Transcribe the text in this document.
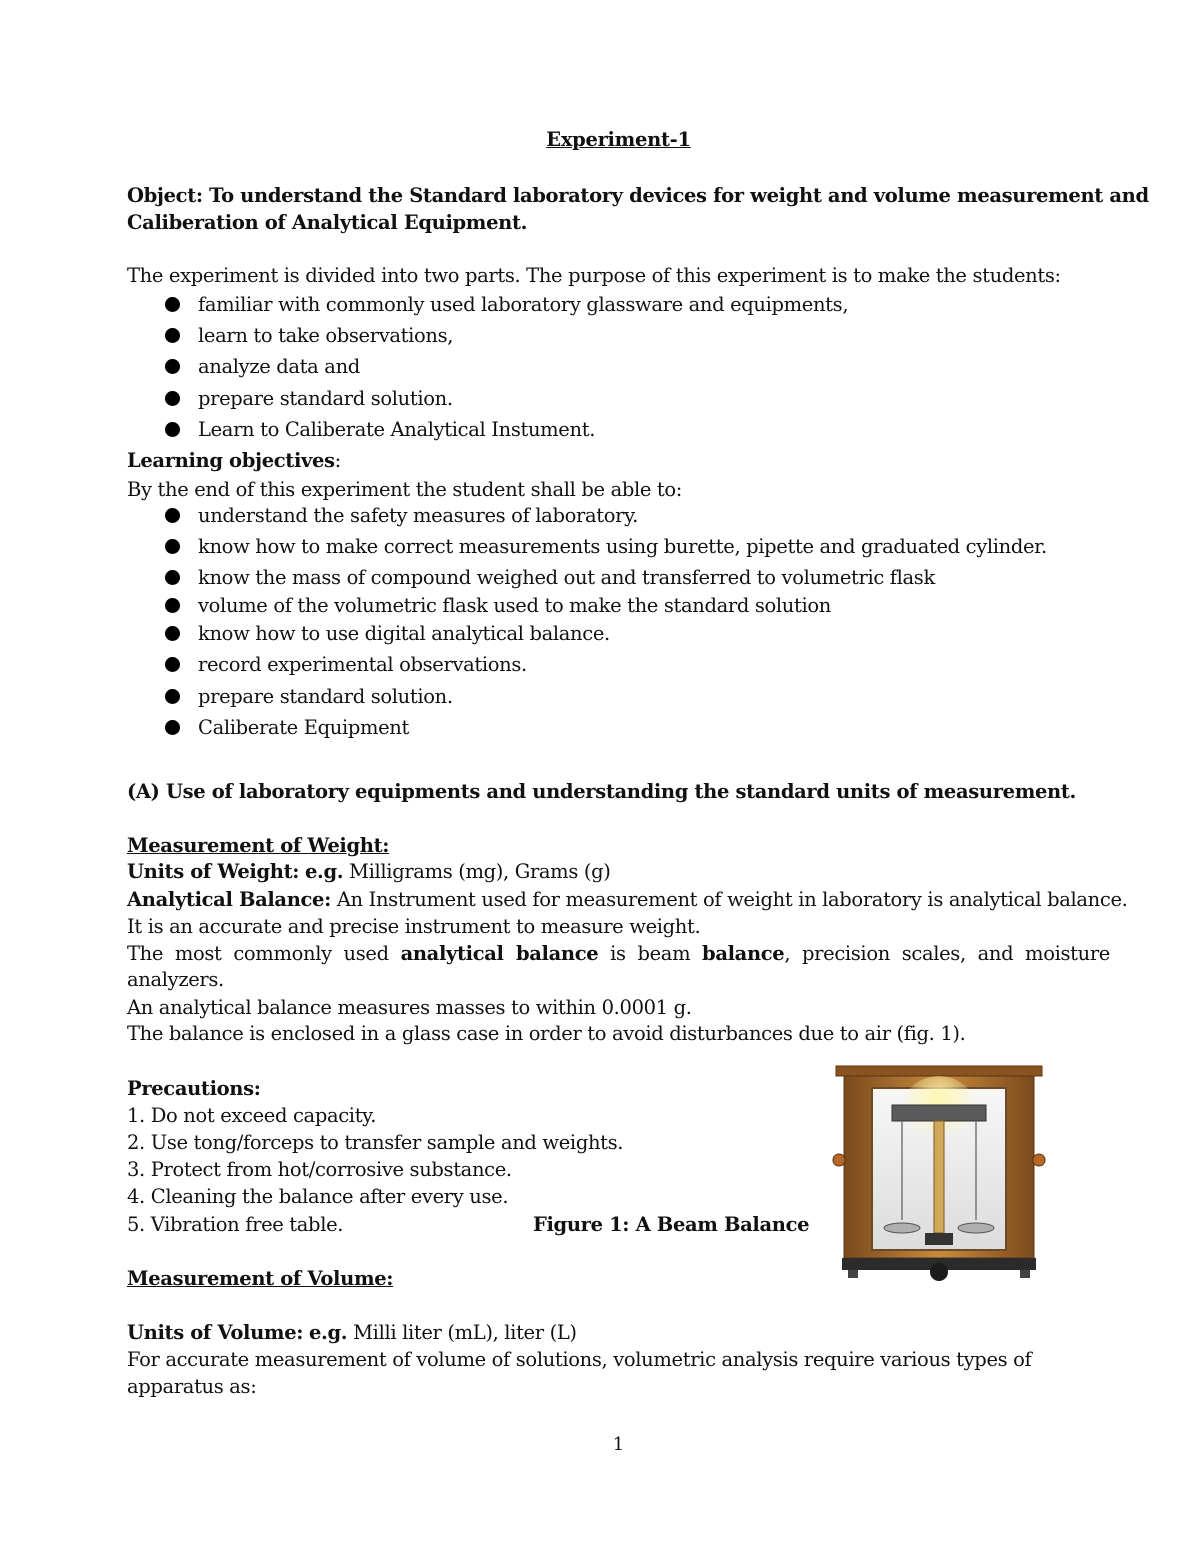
Experiment-1
Object: To understand the Standard laboratory devices for weight and volume measurement and
Caliberation of Analytical Equipment.
The experiment is divided into two parts. The purpose of this experiment is to make the students:
familiar with commonly used laboratory glassware and equipments,
learn to take observations,
analyze data and
prepare standard solution.
Learn to Caliberate Analytical Instument.
Learning objectives:
By the end of this experiment the student shall be able to:
understand the safety measures of laboratory.
know how to make correct measurements using burette, pipette and graduated cylinder.
know the mass of compound weighed out and transferred to volumetric flask
volume of the volumetric flask used to make the standard solution
know how to use digital analytical balance.
record experimental observations.
prepare standard solution.
Caliberate Equipment
(A) Use of laboratory equipments and understanding the standard units of measurement.
Measurement of Weight:
Units of Weight: e.g. Milligrams (mg), Grams (g)
Analytical Balance: An Instrument used for measurement of weight in laboratory is analytical balance.
It is an accurate and precise instrument to measure weight.
The most commonly used analytical balance is beam balance, precision scales, and moisture analyzers.
An analytical balance measures masses to within 0.0001 g.
The balance is enclosed in a glass case in order to avoid disturbances due to air (fig. 1).
Precautions:
1. Do not exceed capacity.
2. Use tong/forceps to transfer sample and weights.
3. Protect from hot/corrosive substance.
4. Cleaning the balance after every use.
5. Vibration free table.	Figure 1: A Beam Balance
Measurement of Volume:
Units of Volume: e.g. Milli liter (mL), liter (L)
For accurate measurement of volume of solutions, volumetric analysis require various types of
apparatus as:
1
